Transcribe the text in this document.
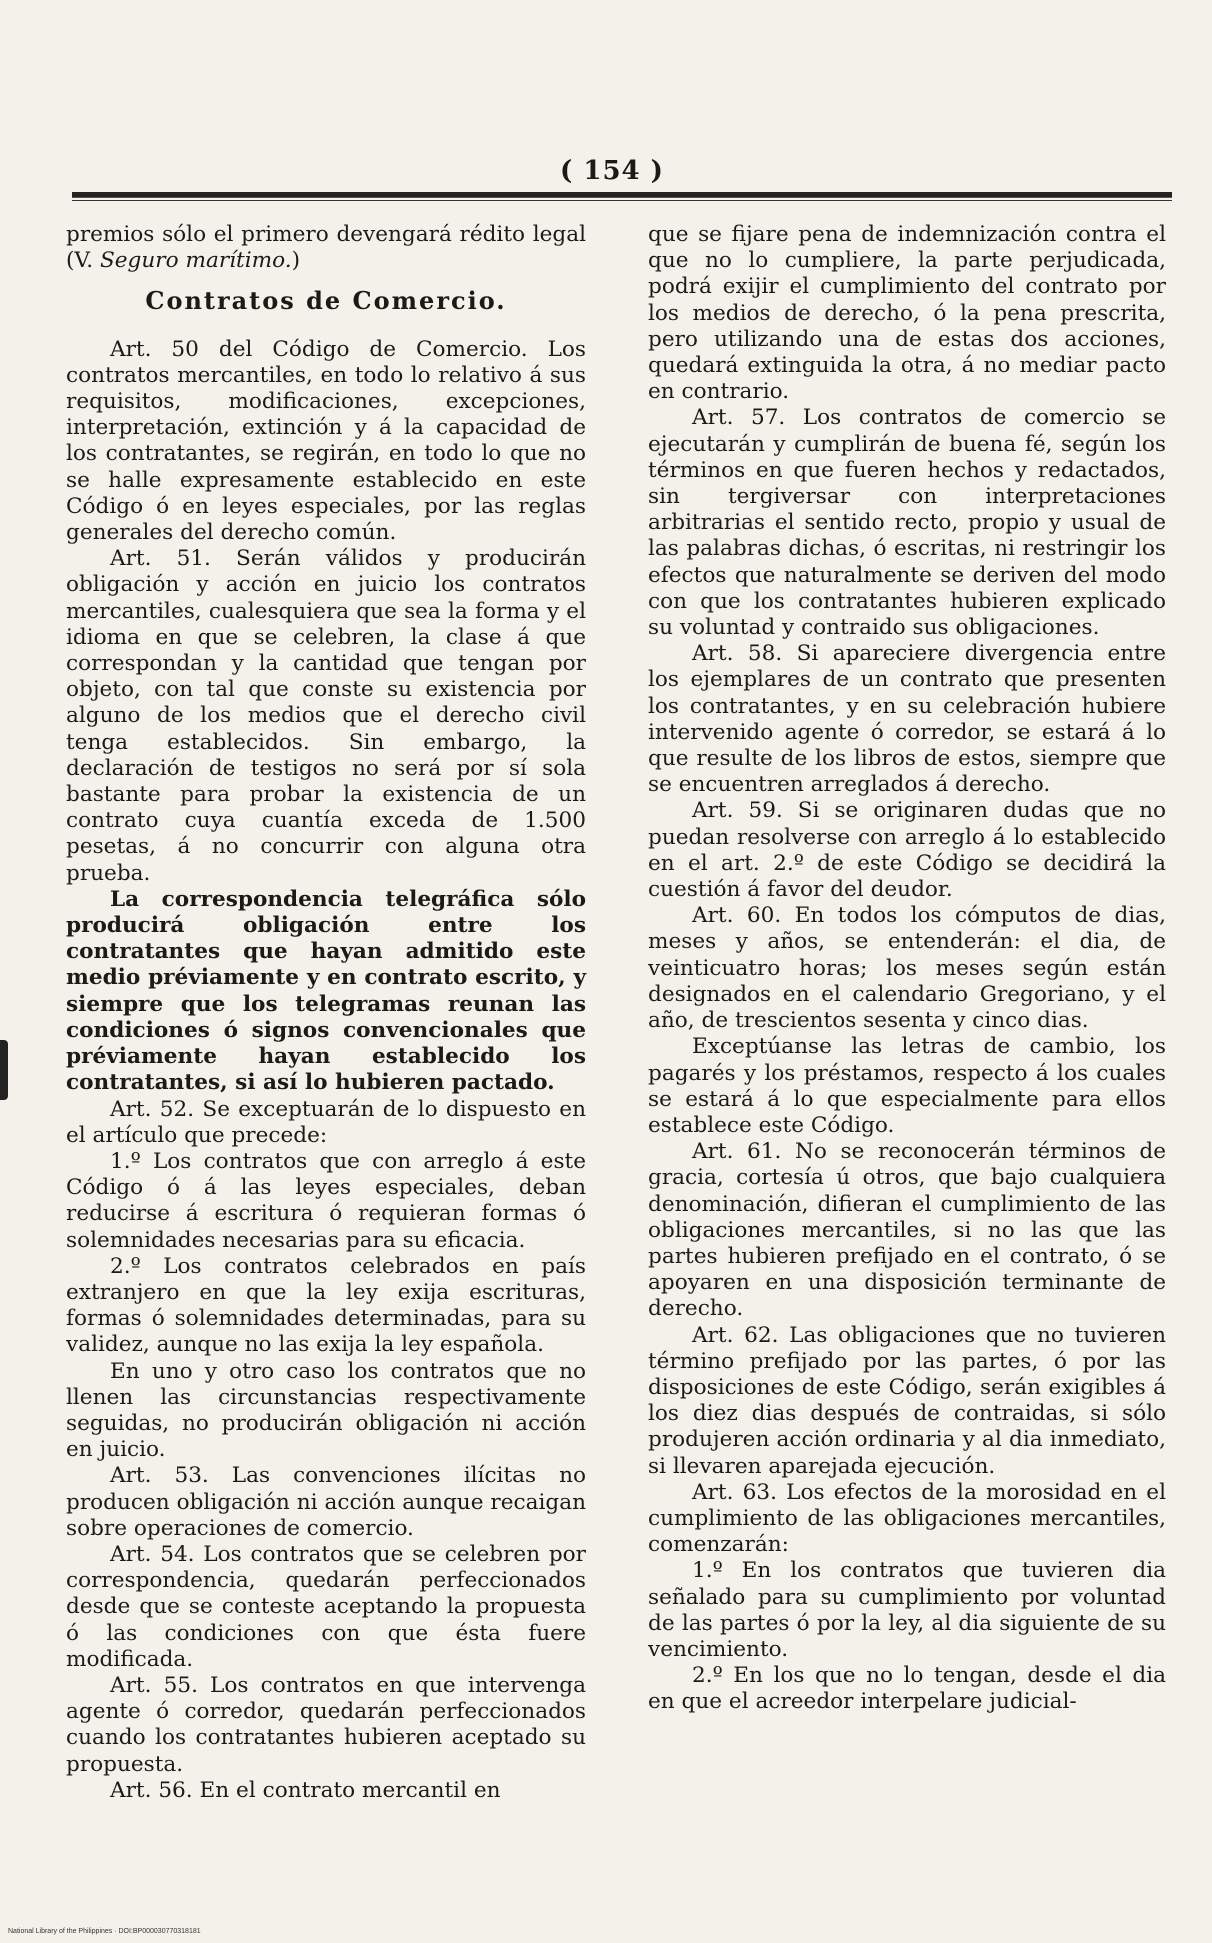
( 154 )

premios sólo el primero devengará rédito legal (V. Seguro marítimo.)

Contratos de Comercio.

Art. 50 del Código de Comercio. Los contratos mercantiles, en todo lo relativo á sus requisitos, modificaciones, excepciones, interpretación, extinción y á la capacidad de los contratantes, se regirán, en todo lo que no se halle expresamente establecido en este Código ó en leyes especiales, por las reglas generales del derecho común.

Art. 51. Serán válidos y producirán obligación y acción en juicio los contratos mercantiles, cualesquiera que sea la forma y el idioma en que se celebren, la clase á que correspondan y la cantidad que tengan por objeto, con tal que conste su existencia por alguno de los medios que el derecho civil tenga establecidos. Sin embargo, la declaración de testigos no será por sí sola bastante para probar la existencia de un contrato cuya cuantía exceda de 1.500 pesetas, á no concurrir con alguna otra prueba.

La correspondencia telegráfica sólo producirá obligación entre los contratantes que hayan admitido este medio préviamente y en contrato escrito, y siempre que los telegramas reunan las condiciones ó signos convencionales que préviamente hayan establecido los contratantes, si así lo hubieren pactado.

Art. 52. Se exceptuarán de lo dispuesto en el artículo que precede:

1.º Los contratos que con arreglo á este Código ó á las leyes especiales, deban reducirse á escritura ó requieran formas ó solemnidades necesarias para su eficacia.

2.º Los contratos celebrados en país extranjero en que la ley exija escrituras, formas ó solemnidades determinadas, para su validez, aunque no las exija la ley española.

En uno y otro caso los contratos que no llenen las circunstancias respectivamente seguidas, no producirán obligación ni acción en juicio.

Art. 53. Las convenciones ilícitas no producen obligación ni acción aunque recaigan sobre operaciones de comercio.

Art. 54. Los contratos que se celebren por correspondencia, quedarán perfeccionados desde que se conteste aceptando la propuesta ó las condiciones con que ésta fuere modificada.

Art. 55. Los contratos en que intervenga agente ó corredor, quedarán perfeccionados cuando los contratantes hubieren aceptado su propuesta.

Art. 56. En el contrato mercantil en

que se fijare pena de indemnización contra el que no lo cumpliere, la parte perjudicada, podrá exijir el cumplimiento del contrato por los medios de derecho, ó la pena prescrita, pero utilizando una de estas dos acciones, quedará extinguida la otra, á no mediar pacto en contrario.

Art. 57. Los contratos de comercio se ejecutarán y cumplirán de buena fé, según los términos en que fueren hechos y redactados, sin tergiversar con interpretaciones arbitrarias el sentido recto, propio y usual de las palabras dichas, ó escritas, ni restringir los efectos que naturalmente se deriven del modo con que los contratantes hubieren explicado su voluntad y contraido sus obligaciones.

Art. 58. Si apareciere divergencia entre los ejemplares de un contrato que presenten los contratantes, y en su celebración hubiere intervenido agente ó corredor, se estará á lo que resulte de los libros de estos, siempre que se encuentren arreglados á derecho.

Art. 59. Si se originaren dudas que no puedan resolverse con arreglo á lo establecido en el art. 2.º de este Código se decidirá la cuestión á favor del deudor.

Art. 60. En todos los cómputos de dias, meses y años, se entenderán: el dia, de veinticuatro horas; los meses según están designados en el calendario Gregoriano, y el año, de trescientos sesenta y cinco dias.

Exceptúanse las letras de cambio, los pagarés y los préstamos, respecto á los cuales se estará á lo que especialmente para ellos establece este Código.

Art. 61. No se reconocerán términos de gracia, cortesía ú otros, que bajo cualquiera denominación, difieran el cumplimiento de las obligaciones mercantiles, si no las que las partes hubieren prefijado en el contrato, ó se apoyaren en una disposición terminante de derecho.

Art. 62. Las obligaciones que no tuvieren término prefijado por las partes, ó por las disposiciones de este Código, serán exigibles á los diez dias después de contraidas, si sólo produjeren acción ordinaria y al dia inmediato, si llevaren aparejada ejecución.

Art. 63. Los efectos de la morosidad en el cumplimiento de las obligaciones mercantiles, comenzarán:

1.º En los contratos que tuvieren dia señalado para su cumplimiento por voluntad de las partes ó por la ley, al dia siguiente de su vencimiento.

2.º En los que no lo tengan, desde el dia en que el acreedor interpelare judicial-

National Library of the Philippines · DOI:BP000030770318181
